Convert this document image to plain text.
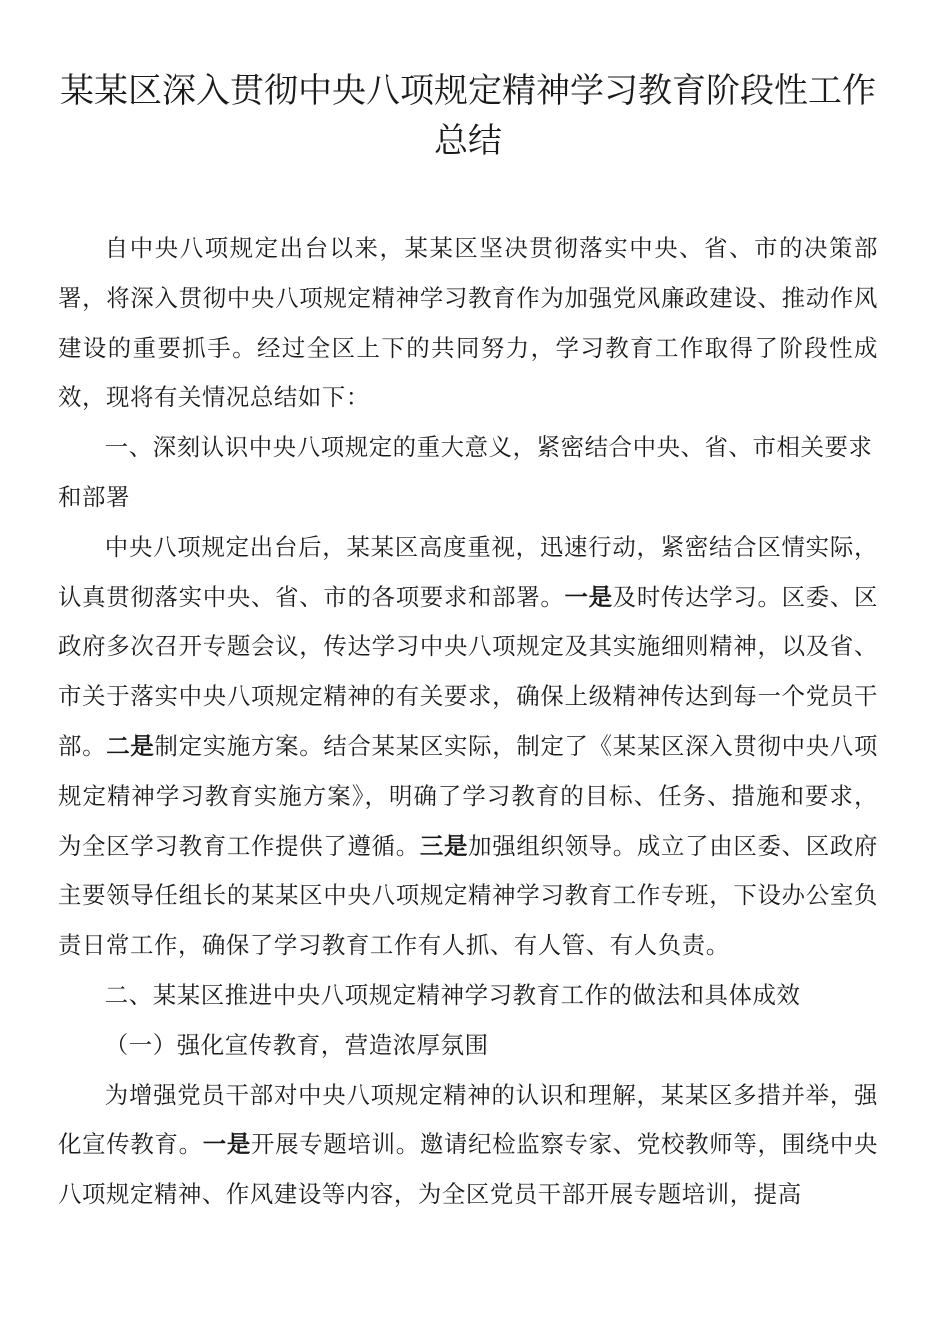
某某区深入贯彻中央八项规定精神学习教育阶段性工作总结

自中央八项规定出台以来，某某区坚决贯彻落实中央、省、市的决策部署，将深入贯彻中央八项规定精神学习教育作为加强党风廉政建设、推动作风建设的重要抓手。经过全区上下的共同努力，学习教育工作取得了阶段性成效，现将有关情况总结如下：

一、深刻认识中央八项规定的重大意义，紧密结合中央、省、市相关要求和部署

中央八项规定出台后，某某区高度重视，迅速行动，紧密结合区情实际，认真贯彻落实中央、省、市的各项要求和部署。一是及时传达学习。区委、区政府多次召开专题会议，传达学习中央八项规定及其实施细则精神，以及省、市关于落实中央八项规定精神的有关要求，确保上级精神传达到每一个党员干部。二是制定实施方案。结合某某区实际，制定了《某某区深入贯彻中央八项规定精神学习教育实施方案》，明确了学习教育的目标、任务、措施和要求，为全区学习教育工作提供了遵循。三是加强组织领导。成立了由区委、区政府主要领导任组长的某某区中央八项规定精神学习教育工作专班，下设办公室负责日常工作，确保了学习教育工作有人抓、有人管、有人负责。

二、某某区推进中央八项规定精神学习教育工作的做法和具体成效

（一）强化宣传教育，营造浓厚氛围

为增强党员干部对中央八项规定精神的认识和理解，某某区多措并举，强化宣传教育。一是开展专题培训。邀请纪检监察专家、党校教师等，围绕中央八项规定精神、作风建设等内容，为全区党员干部开展专题培训，提高
